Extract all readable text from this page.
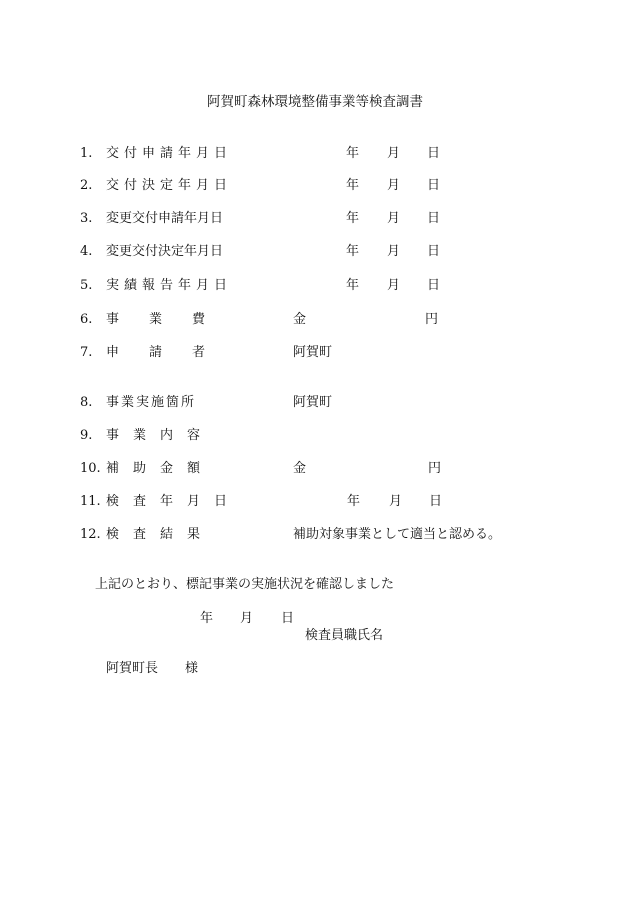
阿賀町森林環境整備事業等検査調書
1. 交付申請年月日	年 月 日
2. 交付決定年月日	年 月 日
3. 変更交付申請年月日	年 月 日
4. 変更交付決定年月日	年 月 日
5. 実績報告年月日	年 月 日
6. 事業費	金	円
7. 申請者	阿賀町
8. 事業実施箇所	阿賀町
9. 事業内容
10. 補助金額	金	円
11. 検査年月日	年 月 日
12. 検査結果	補助対象事業として適当と認める。
上記のとおり、標記事業の実施状況を確認しました
年 月 日
検査員職氏名
阿賀町長 様
